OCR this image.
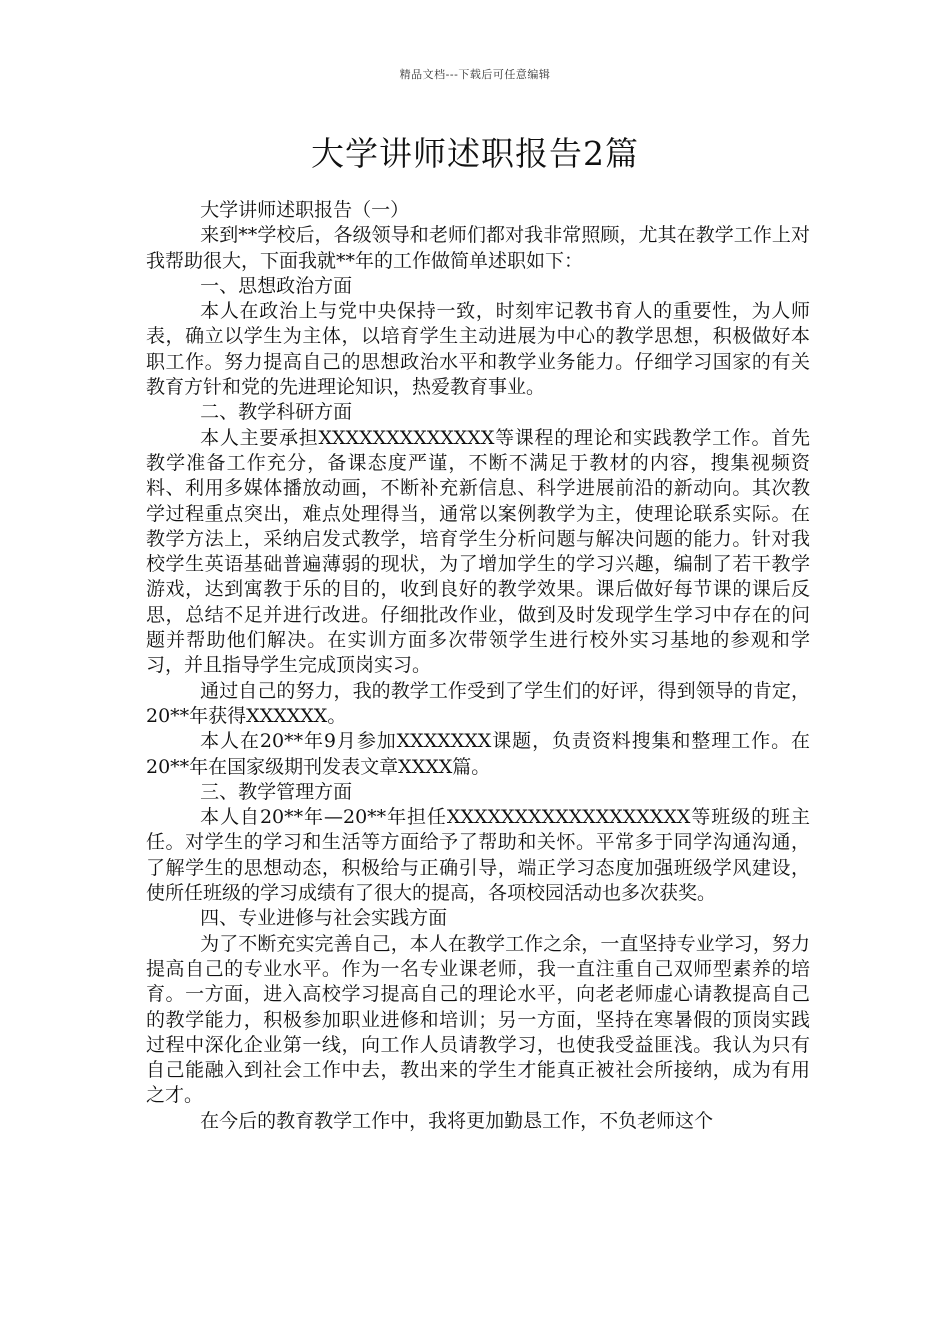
精品文档---下载后可任意编辑
大学讲师述职报告2篇

大学讲师述职报告（一）

来到**学校后，各级领导和老师们都对我非常照顾，尤其在教学工作上对我帮助很大，下面我就**年的工作做简单述职如下：

一、思想政治方面

本人在政治上与党中央保持一致，时刻牢记教书育人的重要性，为人师表，确立以学生为主体，以培育学生主动进展为中心的教学思想，积极做好本职工作。努力提高自己的思想政治水平和教学业务能力。仔细学习国家的有关教育方针和党的先进理论知识，热爱教育事业。

二、教学科研方面

本人主要承担XXXXXXXXXXXXX等课程的理论和实践教学工作。首先教学准备工作充分，备课态度严谨，不断不满足于教材的内容，搜集视频资料、利用多媒体播放动画，不断补充新信息、科学进展前沿的新动向。其次教学过程重点突出，难点处理得当，通常以案例教学为主，使理论联系实际。在教学方法上，采纳启发式教学，培育学生分析问题与解决问题的能力。针对我校学生英语基础普遍薄弱的现状，为了增加学生的学习兴趣，编制了若干教学游戏，达到寓教于乐的目的，收到良好的教学效果。课后做好每节课的课后反思，总结不足并进行改进。仔细批改作业，做到及时发现学生学习中存在的问题并帮助他们解决。在实训方面多次带领学生进行校外实习基地的参观和学习，并且指导学生完成顶岗实习。

通过自己的努力，我的教学工作受到了学生们的好评，得到领导的肯定，20**年获得XXXXXX。

本人在20**年9月参加XXXXXXX课题，负责资料搜集和整理工作。在20**年在国家级期刊发表文章XXXX篇。

三、教学管理方面

本人自20**年—20**年担任XXXXXXXXXXXXXXXXXX等班级的班主任。对学生的学习和生活等方面给予了帮助和关怀。平常多于同学沟通沟通，了解学生的思想动态，积极给与正确引导，端正学习态度加强班级学风建设，使所任班级的学习成绩有了很大的提高，各项校园活动也多次获奖。

四、专业进修与社会实践方面

为了不断充实完善自己，本人在教学工作之余，一直坚持专业学习，努力提高自己的专业水平。作为一名专业课老师，我一直注重自己双师型素养的培育。一方面，进入高校学习提高自己的理论水平，向老老师虚心请教提高自己的教学能力，积极参加职业进修和培训；另一方面，坚持在寒暑假的顶岗实践过程中深化企业第一线，向工作人员请教学习，也使我受益匪浅。我认为只有自己能融入到社会工作中去，教出来的学生才能真正被社会所接纳，成为有用之才。

在今后的教育教学工作中，我将更加勤恳工作，不负老师这个
